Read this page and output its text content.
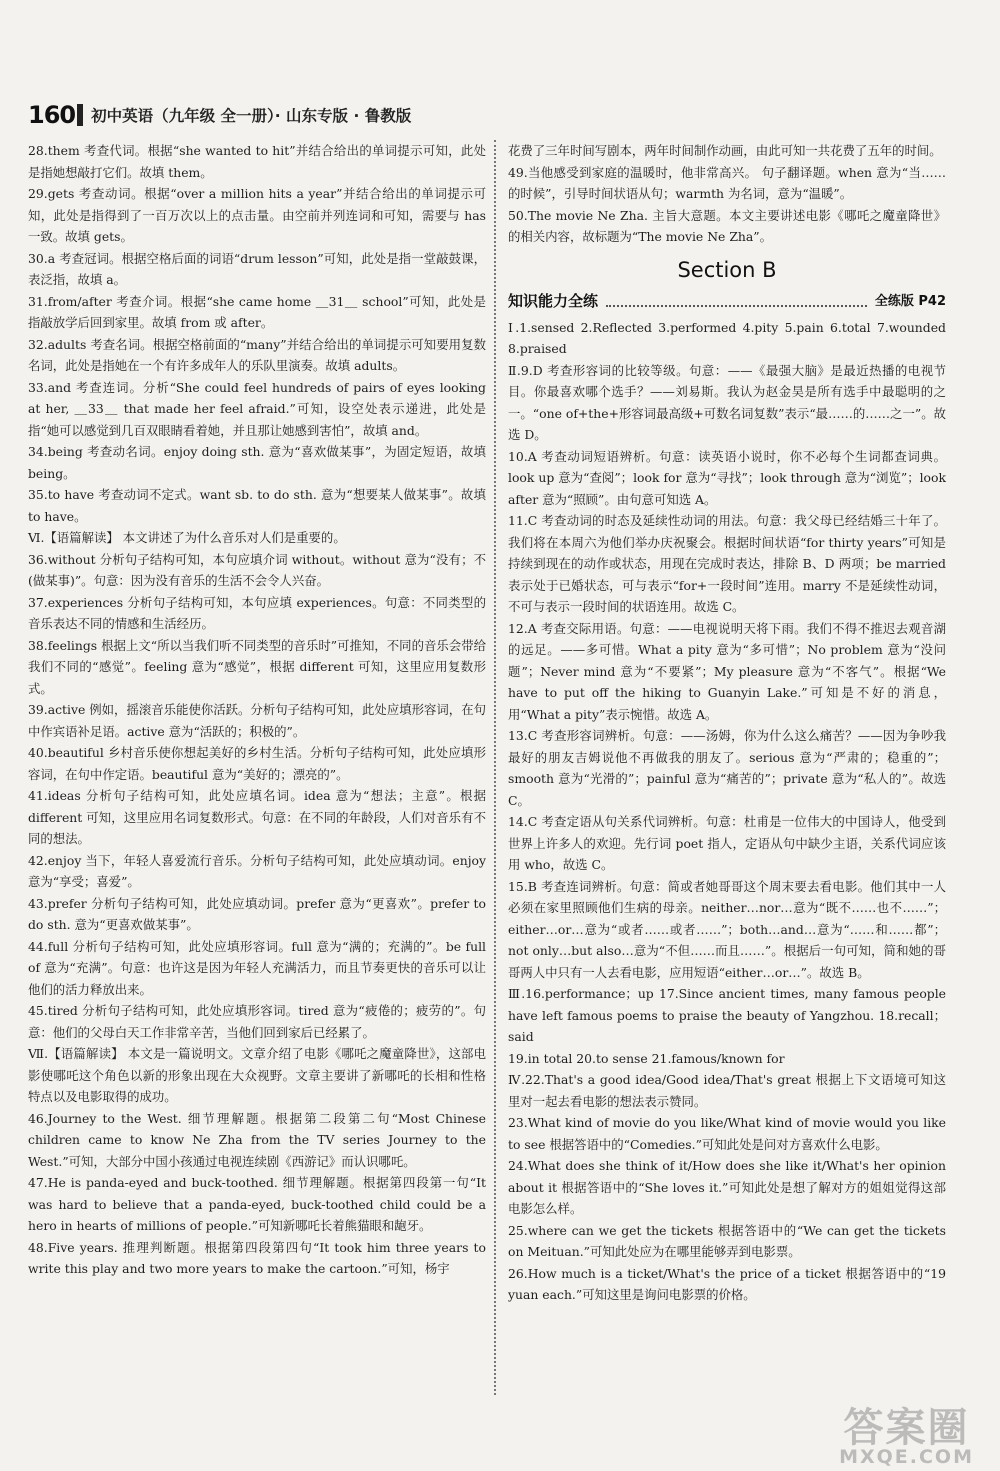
160	初中英语（九年级 全一册）· 山东专版 · 鲁教版
28.them 考查代词。根据“she wanted to hit”并结合给出的单词提示可知，此处是指她想敲打它们。故填 them。
29.gets 考查动词。根据“over a million hits a year”并结合给出的单词提示可知，此处是指得到了一百万次以上的点击量。由空前并列连词和可知，需要与 has一致。故填 gets。
30.a 考查冠词。根据空格后面的词语“drum lesson”可知，此处是指一堂敲鼓课，表泛指，故填 a。
31.from/after 考查介词。根据“she came home ＿31＿ school”可知，此处是指敲放学后回到家里。故填 from 或 after。
32.adults 考查名词。根据空格前面的“many”并结合给出的单词提示可知要用复数名词，此处是指她在一个有许多成年人的乐队里演奏。故填 adults。
33.and 考查连词。分析“She could feel hundreds of pairs of eyes looking at her, ＿33＿ that made her feel afraid.”可知，设空处表示递进，此处是指“她可以感觉到几百双眼睛看着她，并且那让她感到害怕”，故填 and。
34.being 考查动名词。enjoy doing sth. 意为“喜欢做某事”，为固定短语，故填 being。
35.to have 考查动词不定式。want sb. to do sth. 意为“想要某人做某事”。故填 to have。
Ⅵ.【语篇解读】 本文讲述了为什么音乐对人们是重要的。
36.without 分析句子结构可知，本句应填介词 without。without 意为“没有；不(做某事)”。句意：因为没有音乐的生活不会令人兴奋。
37.experiences 分析句子结构可知，本句应填 experiences。句意：不同类型的音乐表达不同的情感和生活经历。
38.feelings 根据上文“所以当我们听不同类型的音乐时”可推知，不同的音乐会带给我们不同的“感觉”。feeling 意为“感觉”，根据 different 可知，这里应用复数形式。
39.active 例如，摇滚音乐能使你活跃。分析句子结构可知，此处应填形容词，在句中作宾语补足语。active 意为“活跃的；积极的”。
40.beautiful 乡村音乐使你想起美好的乡村生活。分析句子结构可知，此处应填形容词，在句中作定语。beautiful 意为“美好的；漂亮的”。
41.ideas 分析句子结构可知，此处应填名词。idea 意为“想法；主意”。根据 different 可知，这里应用名词复数形式。句意：在不同的年龄段，人们对音乐有不同的想法。
42.enjoy 当下，年轻人喜爱流行音乐。分析句子结构可知，此处应填动词。enjoy 意为“享受；喜爱”。
43.prefer 分析句子结构可知，此处应填动词。prefer 意为“更喜欢”。prefer to do sth. 意为“更喜欢做某事”。
44.full 分析句子结构可知，此处应填形容词。full 意为“满的；充满的”。be full of 意为“充满”。句意：也许这是因为年轻人充满活力，而且节奏更快的音乐可以让他们的活力释放出来。
45.tired 分析句子结构可知，此处应填形容词。tired 意为“疲倦的；疲劳的”。句意：他们的父母白天工作非常辛苦，当他们回到家后已经累了。
Ⅶ.【语篇解读】 本文是一篇说明文。文章介绍了电影《哪吒之魔童降世》，这部电影使哪吒这个角色以新的形象出现在大众视野。文章主要讲了新哪吒的长相和性格特点以及电影取得的成功。
46.Journey to the West. 细节理解题。根据第二段第二句“Most Chinese children came to know Ne Zha from the TV series Journey to the West.”可知，大部分中国小孩通过电视连续剧《西游记》而认识哪吒。
47.He is panda-eyed and buck-toothed. 细节理解题。根据第四段第一句“It was hard to believe that a panda-eyed, buck-toothed child could be a hero in hearts of millions of people.”可知新哪吒长着熊猫眼和龅牙。
48.Five years. 推理判断题。根据第四段第四句“It took him three years to write this play and two more years to make the cartoon.”可知，杨宇
花费了三年时间写剧本，两年时间制作动画，由此可知一共花费了五年的时间。
49.当他感受到家庭的温暖时，他非常高兴。 句子翻译题。when 意为“当……的时候”，引导时间状语从句；warmth 为名词，意为“温暖”。
50.The movie Ne Zha. 主旨大意题。本文主要讲述电影《哪吒之魔童降世》的相关内容，故标题为“The movie Ne Zha”。
Section B
知识能力全练	全练版 P42
Ⅰ.1.sensed 2.Reflected 3.performed 4.pity 5.pain 6.total 7.wounded 8.praised
Ⅱ.9.D 考查形容词的比较等级。句意：——《最强大脑》是最近热播的电视节目。你最喜欢哪个选手？——刘易斯。我认为赵金昊是所有选手中最聪明的之一。“one of+the+形容词最高级+可数名词复数”表示“最……的……之一”。故选 D。
10.A 考查动词短语辨析。句意：读英语小说时，你不必每个生词都查词典。look up 意为“查阅”；look for 意为“寻找”；look through 意为“浏览”；look after 意为“照顾”。由句意可知选 A。
11.C 考查动词的时态及延续性动词的用法。句意：我父母已经结婚三十年了。我们将在本周六为他们举办庆祝聚会。根据时间状语“for thirty years”可知是持续到现在的动作或状态，用现在完成时表达，排除 B、D 两项；be married 表示处于已婚状态，可与表示“for+一段时间”连用。marry 不是延续性动词，不可与表示一段时间的状语连用。故选 C。
12.A 考查交际用语。句意：——电视说明天将下雨。我们不得不推迟去观音湖的远足。——多可惜。What a pity 意为“多可惜”；No problem 意为“没问题”；Never mind 意为“不要紧”；My pleasure 意为“不客气”。根据“We have to put off the hiking to Guanyin Lake.”可知是不好的消息，用“What a pity”表示惋惜。故选 A。
13.C 考查形容词辨析。句意：——汤姆，你为什么这么痛苦？——因为争吵我最好的朋友吉姆说他不再做我的朋友了。serious 意为“严肃的；稳重的”；smooth 意为“光滑的”；painful 意为“痛苦的”；private 意为“私人的”。故选 C。
14.C 考查定语从句关系代词辨析。句意：杜甫是一位伟大的中国诗人，他受到世界上许多人的欢迎。先行词 poet 指人，定语从句中缺少主语，关系代词应该用 who，故选 C。
15.B 考查连词辨析。句意：简或者她哥哥这个周末要去看电影。他们其中一人必须在家里照顾他们生病的母亲。neither…nor…意为“既不……也不……”；either…or…意为“或者……或者……”；both…and…意为“……和……都”；not only…but also…意为“不但……而且……”。根据后一句可知，简和她的哥哥两人中只有一人去看电影，应用短语“either…or…”。故选 B。
Ⅲ.16.performance；up 17.Since ancient times, many famous people have left famous poems to praise the beauty of Yangzhou. 18.recall；said
19.in total 20.to sense 21.famous/known for
Ⅳ.22.That's a good idea/Good idea/That's great 根据上下文语境可知这里对一起去看电影的想法表示赞同。
23.What kind of movie do you like/What kind of movie would you like to see 根据答语中的“Comedies.”可知此处是问对方喜欢什么电影。
24.What does she think of it/How does she like it/What's her opinion about it 根据答语中的“She loves it.”可知此处是想了解对方的姐姐觉得这部电影怎么样。
25.where can we get the tickets 根据答语中的“We can get the tickets on Meituan.”可知此处应为在哪里能够弄到电影票。
26.How much is a ticket/What's the price of a ticket 根据答语中的“19 yuan each.”可知这里是询问电影票的价格。
答案圈
MXQE.COM
